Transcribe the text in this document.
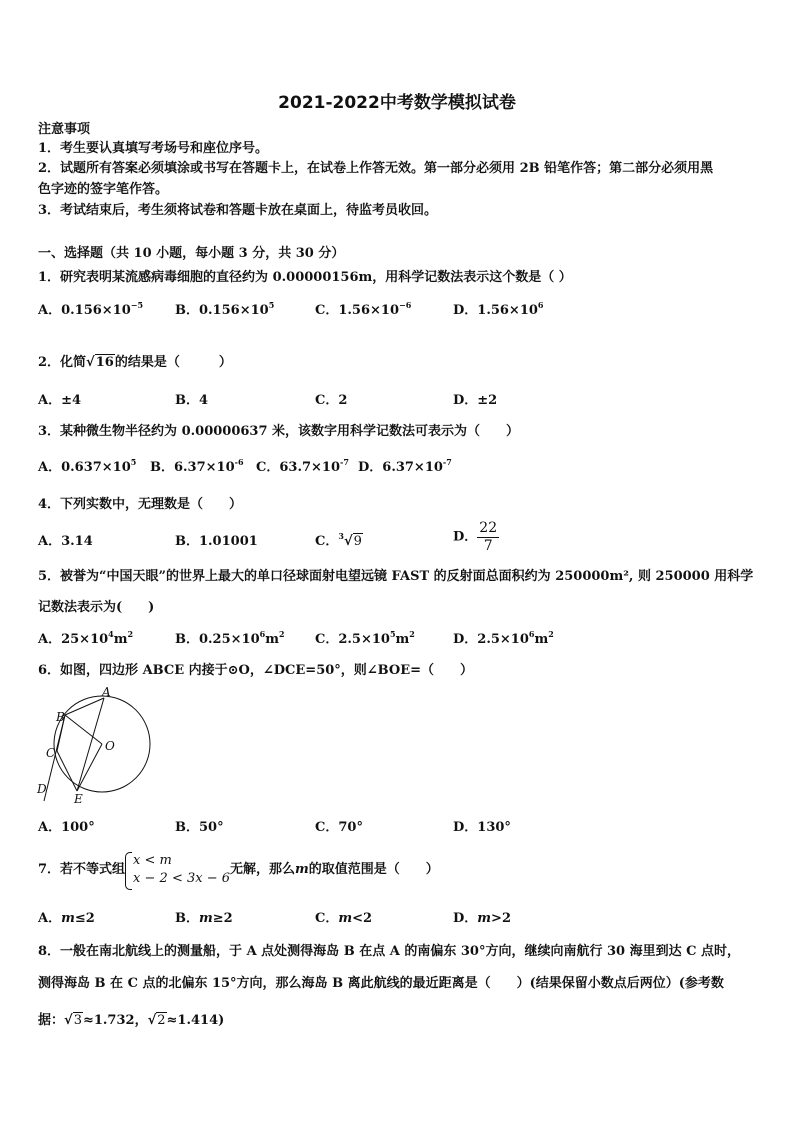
2021-2022中考数学模拟试卷
注意事项
1．考生要认真填写考场号和座位序号。
2．试题所有答案必须填涂或书写在答题卡上，在试卷上作答无效。第一部分必须用 2B 铅笔作答；第二部分必须用黑
色字迹的签字笔作答。
3．考试结束后，考生须将试卷和答题卡放在桌面上，待监考员收回。
一、选择题（共 10 小题，每小题 3 分，共 30 分）
1．研究表明某流感病毒细胞的直径约为 0.00000156m，用科学记数法表示这个数是（ ）
A．$0.156\times 10^{-5}$ B．$0.156\times 10^5$	C．$1.56\times 10^{-6}$	D．$1.56\times 10^6$
2．化简√16的结果是（　　　）
A．±4	B．4	C．2	D．±2
3．某种微生物半径约为 0.00000637 米，该数字用科学记数法可表示为（　　）
A．$0.637\times 10^5$ B．$6.37\times 10^{-6}$ C．$63.7\times 10^{-7}$ D．$6.37\times 10^{-7}$
4．下列实数中，无理数是（　　）
A．3.14	B．1.01001	C．$^3$√9	D． $\frac{22}{7}$
5．被誉为“中国天眼”的世界上最大的单口径球面射电望远镜 FAST 的反射面总面积约为 250000m², 则 250000 用科学
记数法表示为(　　)
A．$25\times 10^4m^2$	B．$0.25\times 10^6m^2$ C．$2.5\times 10^5m^2$	D．$2.5\times 10^6m^2$
6．如图，四边形 ABCE 内接于⊙O，∠DCE=50°，则∠BOE=（　　）
A
B
C
D
E
O
A．100°	B．50°	C．70°	D．130°
7．若不等式组
x < m
x − 2 < 3x − 6
无解，那么m的取值范围是（　　）
A．m≤2	B．m≥2	C．m<2	D．m>2
8．一般在南北航线上的测量船，于 A 点处测得海岛 B 在点 A 的南偏东 30°方向，继续向南航行 30 海里到达 C 点时，
测得海岛 B 在 C 点的北偏东 15°方向，那么海岛 B 离此航线的最近距离是（　　）(结果保留小数点后两位）(参考数
据：√3≈1.732，√2≈1.414)
